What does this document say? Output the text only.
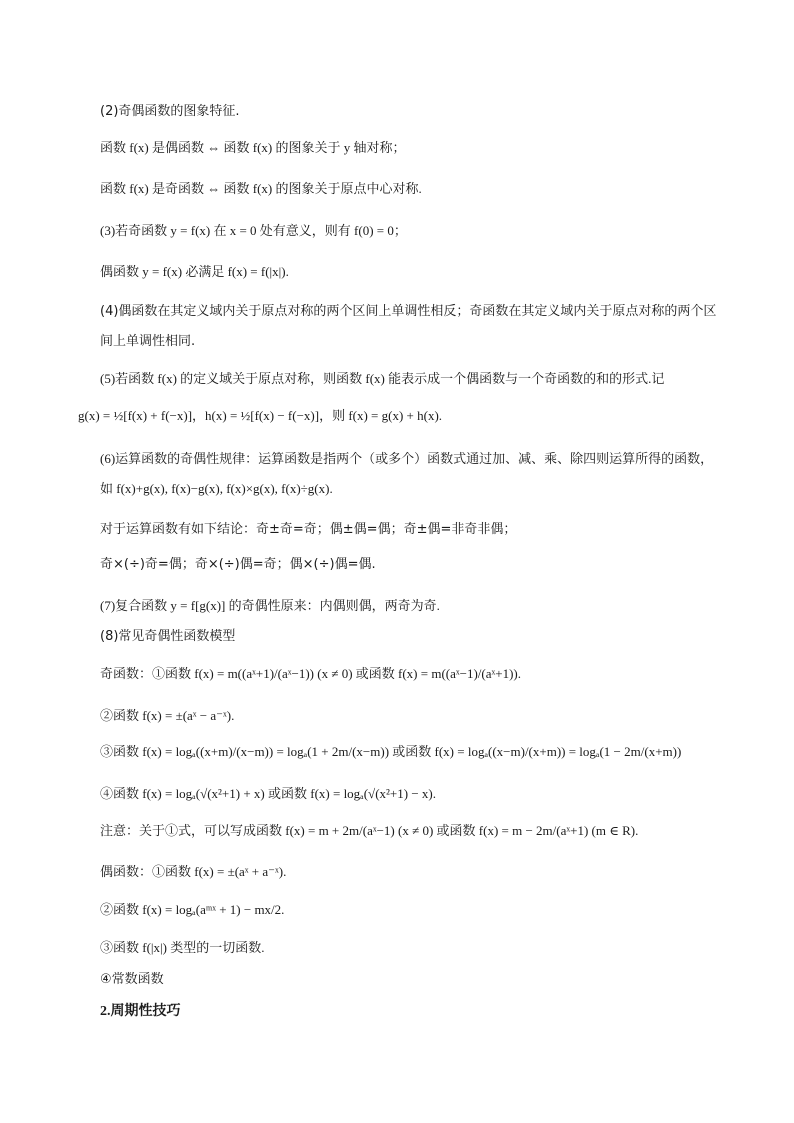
(2)奇偶函数的图象特征.
函数 f(x) 是偶函数 ⇔ 函数 f(x) 的图象关于 y 轴对称；
函数 f(x) 是奇函数 ⇔ 函数 f(x) 的图象关于原点中心对称.
(3)若奇函数 y = f(x) 在 x = 0 处有意义，则有 f(0) = 0；
偶函数 y = f(x) 必满足 f(x) = f(|x|).
(4)偶函数在其定义域内关于原点对称的两个区间上单调性相反；奇函数在其定义域内关于原点对称的两个区间上单调性相同.
(5)若函数 f(x) 的定义域关于原点对称，则函数 f(x) 能表示成一个偶函数与一个奇函数的和的形式.记
g(x) = ½[f(x) + f(−x)]，h(x) = ½[f(x) − f(−x)]，则 f(x) = g(x) + h(x).
(6)运算函数的奇偶性规律：运算函数是指两个（或多个）函数式通过加、减、乘、除四则运算所得的函数，如 f(x)+g(x), f(x)−g(x), f(x)×g(x), f(x)÷g(x).
对于运算函数有如下结论：奇±奇=奇；偶±偶=偶；奇±偶=非奇非偶；
奇×(÷)奇=偶；奇×(÷)偶=奇；偶×(÷)偶=偶.
(7)复合函数 y = f[g(x)] 的奇偶性原来：内偶则偶，两奇为奇.
(8)常见奇偶性函数模型
奇函数：①函数 f(x) = m((aˣ+1)/(aˣ−1)) (x ≠ 0) 或函数 f(x) = m((aˣ−1)/(aˣ+1)).
②函数 f(x) = ±(aˣ − a⁻ˣ).
③函数 f(x) = logₐ((x+m)/(x−m)) = logₐ(1 + 2m/(x−m)) 或函数 f(x) = logₐ((x−m)/(x+m)) = logₐ(1 − 2m/(x+m))
④函数 f(x) = logₐ(√(x²+1) + x) 或函数 f(x) = logₐ(√(x²+1) − x).
注意：关于①式，可以写成函数 f(x) = m + 2m/(aˣ−1) (x ≠ 0) 或函数 f(x) = m − 2m/(aˣ+1) (m ∈ R).
偶函数：①函数 f(x) = ±(aˣ + a⁻ˣ).
②函数 f(x) = logₐ(aᵐˣ + 1) − mx/2.
③函数 f(|x|) 类型的一切函数.
④常数函数
2.周期性技巧
